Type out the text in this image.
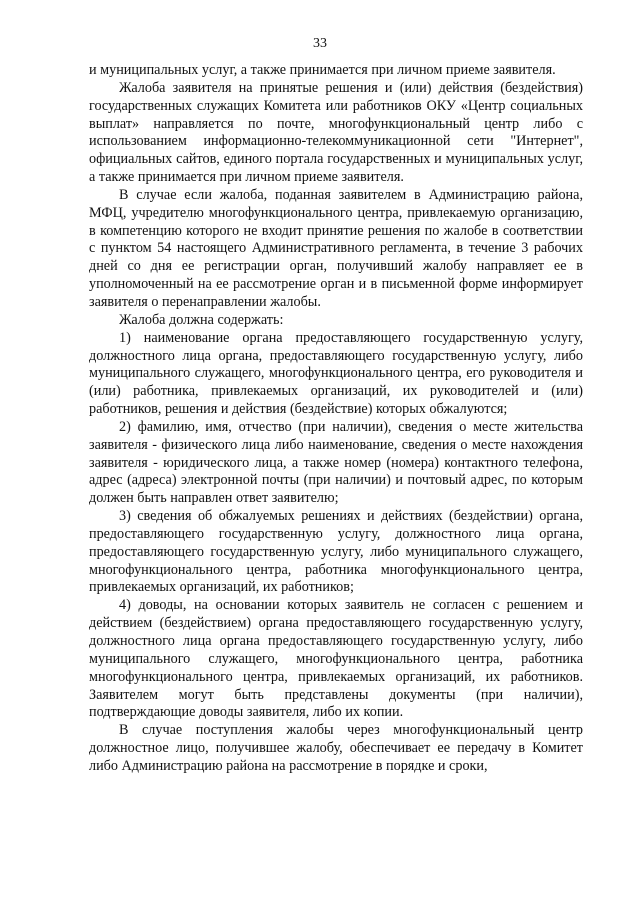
33

и муниципальных услуг, а также принимается при личном приеме заявителя.

Жалоба заявителя на принятые решения и (или) действия (бездействия) государственных служащих Комитета или работников ОКУ «Центр социальных выплат» направляется по почте, многофункциональный центр либо с использованием информационно-телекоммуникационной сети "Интернет", официальных сайтов, единого портала государственных и муниципальных услуг, а также принимается при личном приеме заявителя.

В случае если жалоба, поданная заявителем в Администрацию района, МФЦ, учредителю многофункционального центра, привлекаемую организацию, в компетенцию которого не входит принятие решения по жалобе в соответствии с пунктом 54 настоящего Административного регламента, в течение 3 рабочих дней со дня ее регистрации орган, получивший жалобу направляет ее в уполномоченный на ее рассмотрение орган и в письменной форме информирует заявителя о перенаправлении жалобы.

Жалоба должна содержать:

1) наименование органа предоставляющего государственную услугу, должностного лица органа, предоставляющего государственную услугу, либо муниципального служащего, многофункционального центра, его руководителя и (или) работника, привлекаемых организаций, их руководителей и (или) работников, решения и действия (бездействие) которых обжалуются;

2) фамилию, имя, отчество (при наличии), сведения о месте жительства заявителя - физического лица либо наименование, сведения о месте нахождения заявителя - юридического лица, а также номер (номера) контактного телефона, адрес (адреса) электронной почты (при наличии) и почтовый адрес, по которым должен быть направлен ответ заявителю;

3) сведения об обжалуемых решениях и действиях (бездействии) органа, предоставляющего государственную услугу, должностного лица органа, предоставляющего государственную услугу, либо муниципального служащего, многофункционального центра, работника многофункционального центра, привлекаемых организаций, их работников;

4) доводы, на основании которых заявитель не согласен с решением и действием (бездействием) органа предоставляющего государственную услугу, должностного лица органа предоставляющего государственную услугу, либо муниципального служащего, многофункционального центра, работника многофункционального центра, привлекаемых организаций, их работников. Заявителем могут быть представлены документы (при наличии), подтверждающие доводы заявителя, либо их копии.

В случае поступления жалобы через многофункциональный центр должностное лицо, получившее жалобу, обеспечивает ее передачу в Комитет либо Администрацию района на рассмотрение в порядке и сроки,
